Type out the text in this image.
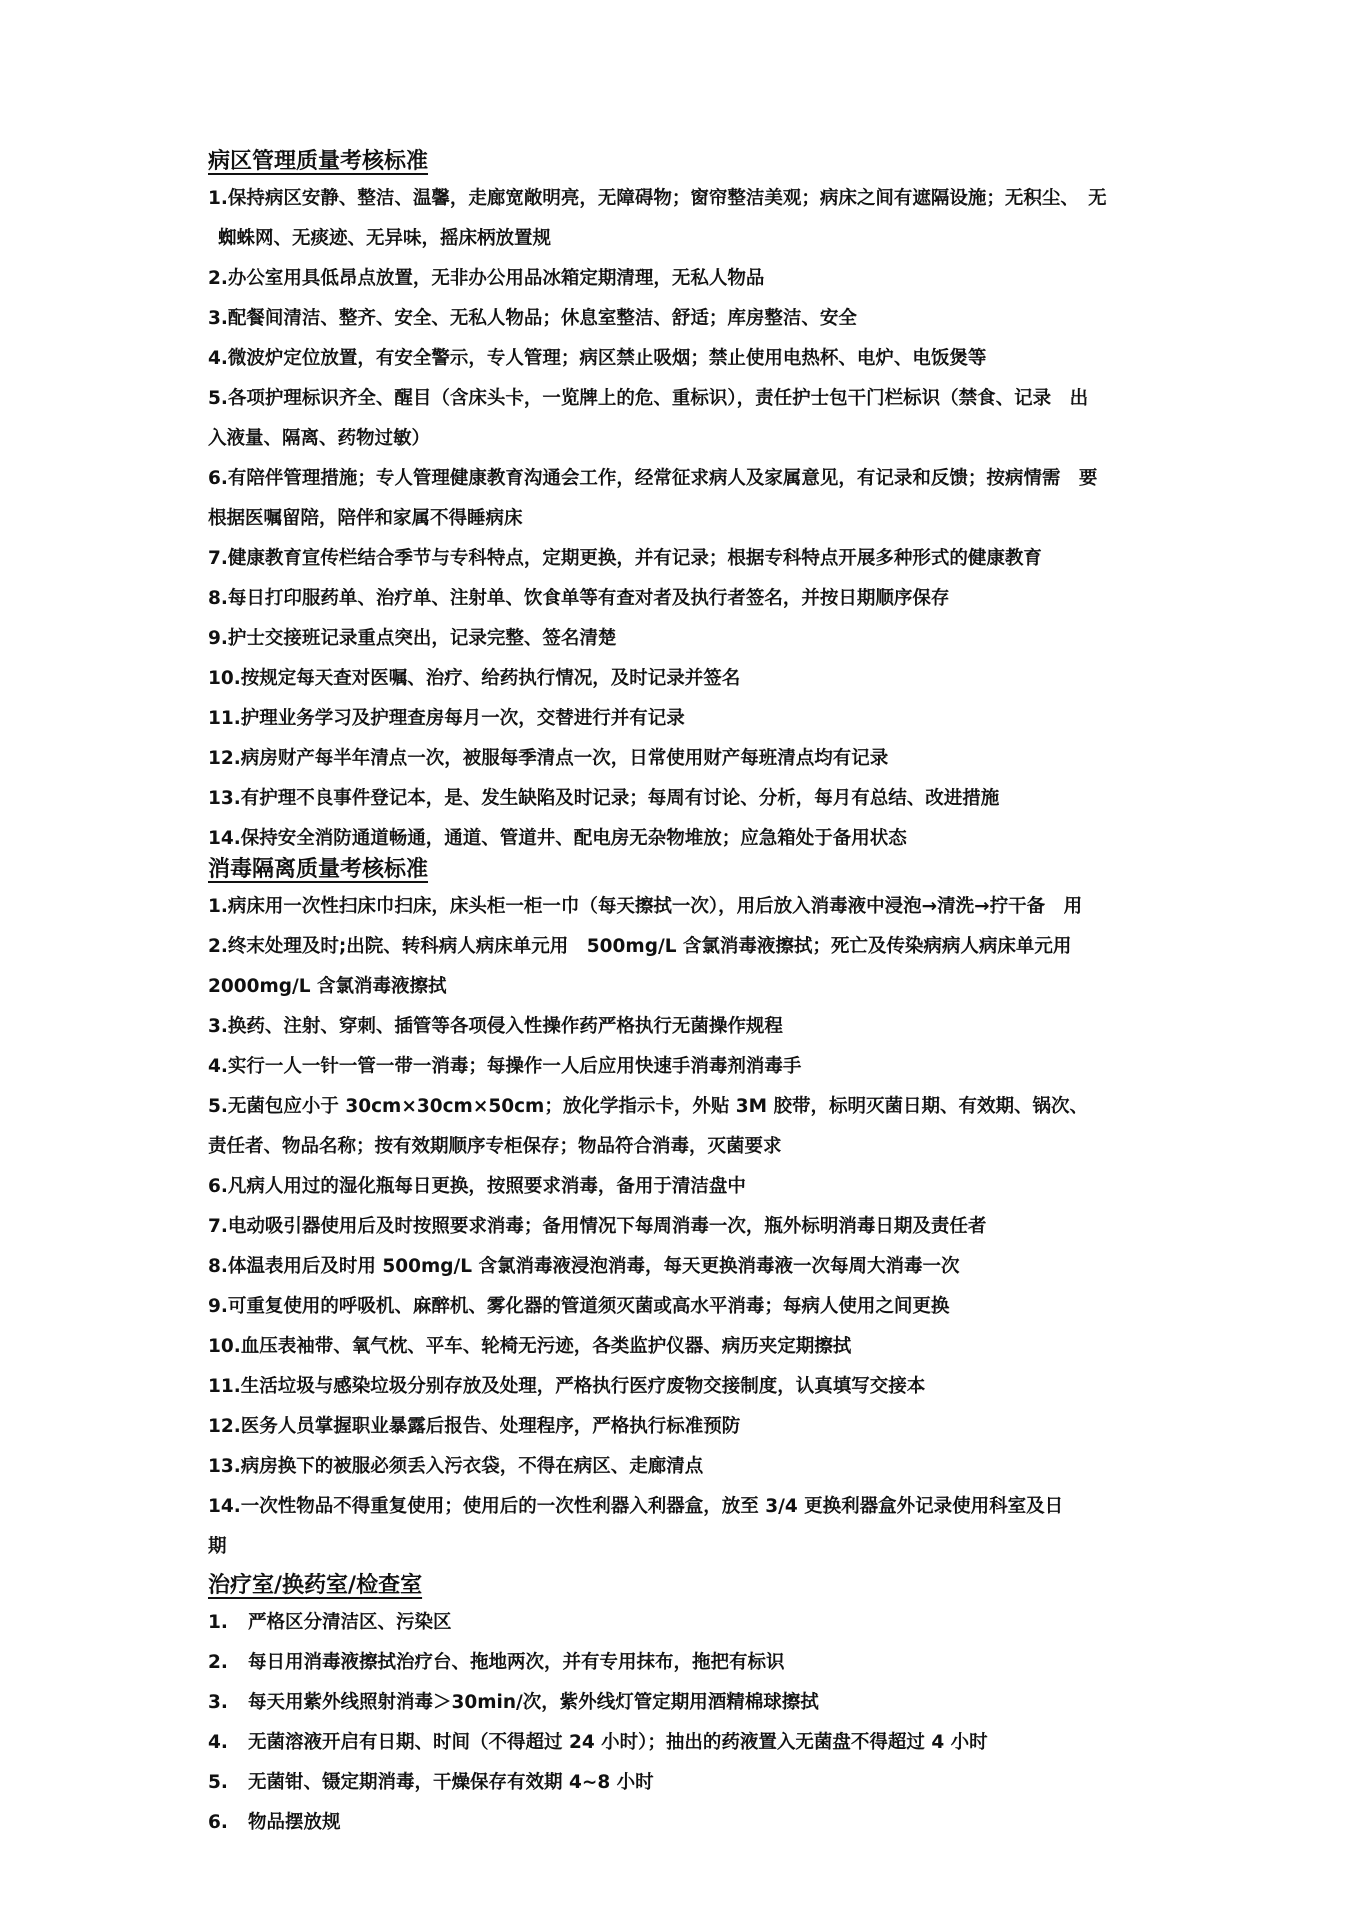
病区管理质量考核标准

1.保持病区安静、整洁、温馨，走廊宽敞明亮，无障碍物；窗帘整洁美观；病床之间有遮隔设施；无积尘、　无
蜘蛛网、无痰迹、无异味，摇床柄放置规

2.办公室用具低昂点放置，无非办公用品冰箱定期清理，无私人物品

3.配餐间清洁、整齐、安全、无私人物品；休息室整洁、舒适；库房整洁、安全

4.微波炉定位放置，有安全警示，专人管理；病区禁止吸烟；禁止使用电热杯、电炉、电饭煲等

5.各项护理标识齐全、醒目（含床头卡，一览牌上的危、重标识），责任护士包干门栏标识（禁食、记录　出
入液量、隔离、药物过敏）

6.有陪伴管理措施；专人管理健康教育沟通会工作，经常征求病人及家属意见，有记录和反馈；按病情需　要
根据医嘱留陪，陪伴和家属不得睡病床

7.健康教育宣传栏结合季节与专科特点，定期更换，并有记录；根据专科特点开展多种形式的健康教育

8.每日打印服药单、治疗单、注射单、饮食单等有查对者及执行者签名，并按日期顺序保存

9.护士交接班记录重点突出，记录完整、签名清楚

10.按规定每天查对医嘱、治疗、给药执行情况，及时记录并签名

11.护理业务学习及护理查房每月一次，交替进行并有记录

12.病房财产每半年清点一次，被服每季清点一次，日常使用财产每班清点均有记录

13.有护理不良事件登记本，是、发生缺陷及时记录；每周有讨论、分析，每月有总结、改进措施

14.保持安全消防通道畅通，通道、管道井、配电房无杂物堆放；应急箱处于备用状态

消毒隔离质量考核标准

1.病床用一次性扫床巾扫床，床头柜一柜一巾（每天擦拭一次），用后放入消毒液中浸泡→清洗→拧干备　用

2.终末处理及时;出院、转科病人病床单元用　500mg/L 含氯消毒液擦拭；死亡及传染病病人病床单元用
2000mg/L 含氯消毒液擦拭

3.换药、注射、穿刺、插管等各项侵入性操作药严格执行无菌操作规程

4.实行一人一针一管一带一消毒；每操作一人后应用快速手消毒剂消毒手

5.无菌包应小于 30cm×30cm×50cm；放化学指示卡，外贴 3M 胶带，标明灭菌日期、有效期、锅次、
责任者、物品名称；按有效期顺序专柜保存；物品符合消毒，灭菌要求

6.凡病人用过的湿化瓶每日更换，按照要求消毒，备用于清洁盘中

7.电动吸引器使用后及时按照要求消毒；备用情况下每周消毒一次，瓶外标明消毒日期及责任者

8.体温表用后及时用 500mg/L 含氯消毒液浸泡消毒，每天更换消毒液一次每周大消毒一次

9.可重复使用的呼吸机、麻醉机、雾化器的管道须灭菌或高水平消毒；每病人使用之间更换

10.血压表袖带、氧气枕、平车、轮椅无污迹，各类监护仪器、病历夹定期擦拭

11.生活垃圾与感染垃圾分别存放及处理，严格执行医疗废物交接制度，认真填写交接本

12.医务人员掌握职业暴露后报告、处理程序，严格执行标准预防

13.病房换下的被服必须丢入污衣袋，不得在病区、走廊清点

14.一次性物品不得重复使用；使用后的一次性利器入利器盒，放至 3/4 更换利器盒外记录使用科室及日
期

治疗室/换药室/检查室

1. 严格区分清洁区、污染区

2. 每日用消毒液擦拭治疗台、拖地两次，并有专用抹布，拖把有标识

3. 每天用紫外线照射消毒＞30min/次，紫外线灯管定期用酒精棉球擦拭

4. 无菌溶液开启有日期、时间（不得超过 24 小时）；抽出的药液置入无菌盘不得超过 4 小时

5. 无菌钳、镊定期消毒，干燥保存有效期 4~8 小时

6. 物品摆放规
